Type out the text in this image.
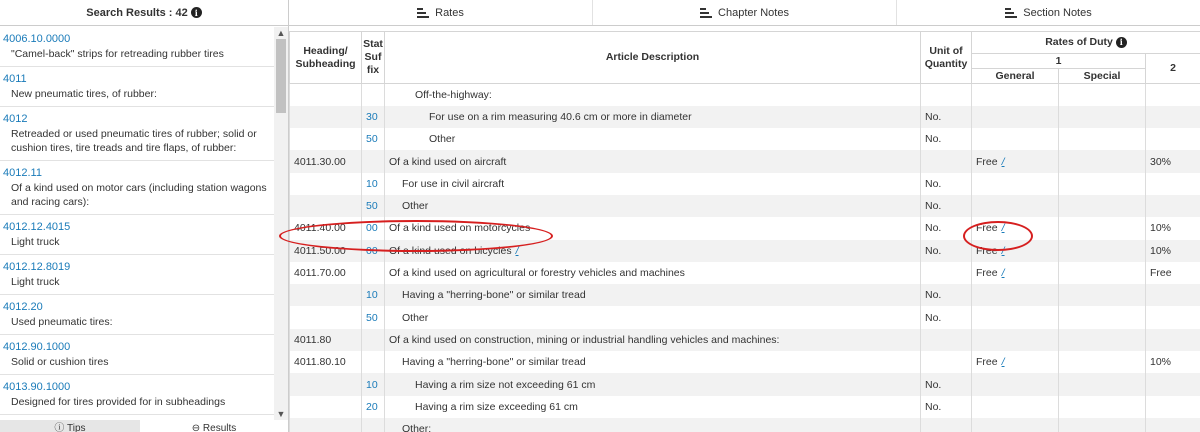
Search Results : 42 i
4006.10.0000
"Camel-back" strips for retreading rubber tires
4011
New pneumatic tires, of rubber:
4012
Retreaded or used pneumatic tires of rubber; solid or cushion tires, tire treads and tire flaps, of rubber:
4012.11
Of a kind used on motor cars (including station wagons and racing cars):
4012.12.4015
Light truck
4012.12.8019
Light truck
4012.20
Used pneumatic tires:
4012.90.1000
Solid or cushion tires
4013.90.1000
Designed for tires provided for in subheadings
▲
▼
ⓘ Tips	⊖ Results
Rates	Chapter Notes	Section Notes
Heading/ Subheading	Stat Suf fix	Article Description	Unit of Quantity	Rates of Duty i		
				1		2
				General	Special	
		Off-the-highway:				
	30	For use on a rim measuring 40.6 cm or more in diameter	No.			
	50	Other	No.			
4011.30.00		Of a kind used on aircraft		Free /		30%
	10	For use in civil aircraft	No.			
	50	Other	No.			
4011.40.00	00	Of a kind used on motorcycles	No.	Free /		10%
4011.50.00	00	Of a kind used on bicycles /	No.	Free /		10%
4011.70.00		Of a kind used on agricultural or forestry vehicles and machines		Free /		Free
	10	Having a "herring-bone" or similar tread	No.			
	50	Other	No.			
4011.80		Of a kind used on construction, mining or industrial handling vehicles and machines:				
4011.80.10		Having a "herring-bone" or similar tread		Free /		10%
	10	Having a rim size not exceeding 61 cm	No.			
	20	Having a rim size exceeding 61 cm	No.			
		Other:				
